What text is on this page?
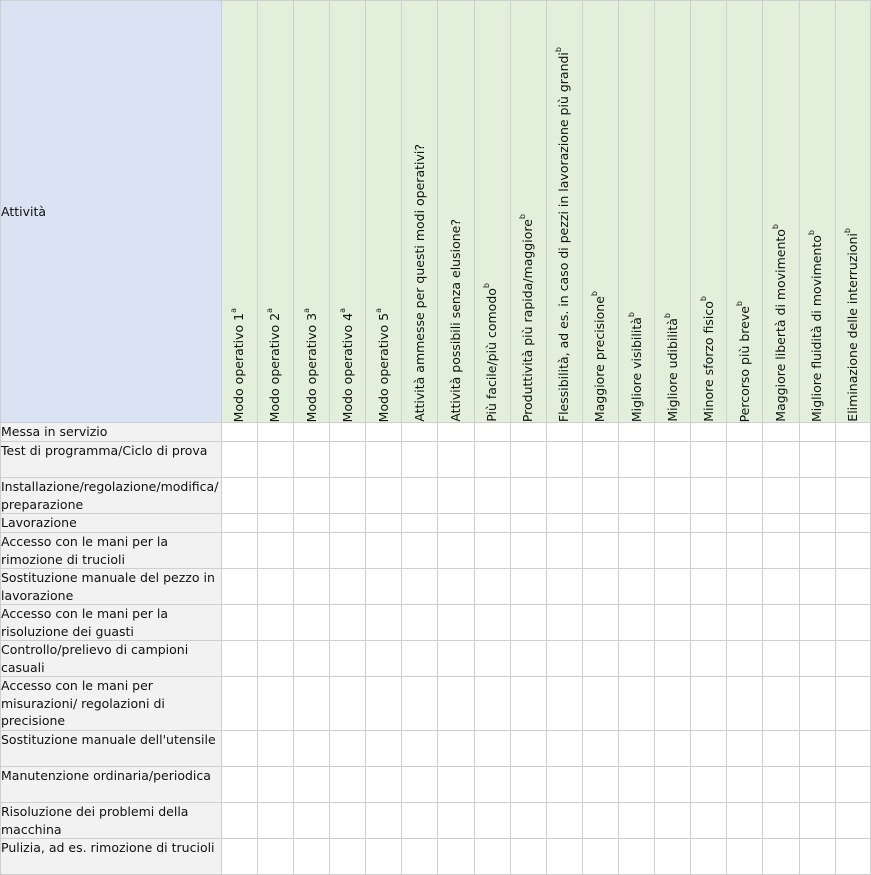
Attività	Modo operativo 1$^a$	Modo operativo 2$^a$	Modo operativo 3$^a$	Modo operativo 4$^a$	Modo operativo 5$^a$	Attività ammesse per questi modi operativi?	Attività possibili senza elusione?	Più facile/più comodo$^b$	Produttività più rapida/maggiore$^b$	Flessibilità, ad es. in caso di pezzi in lavorazione più grandi$^b$	Maggiore precisione$^b$	Migliore visibilità$^b$	Migliore udibilità$^b$	Minore sforzo fisico$^b$	Percorso più breve$^b$	Maggiore libertà di movimento$^b$	Migliore fluidità di movimento$^b$	Eliminazione delle interruzioni$^b$

Messa in servizio																		
Test di programma/Ciclo di prova																		
Installazione/regolazione/modifica/ preparazione																		
Lavorazione																		
Accesso con le mani per la rimozione di trucioli																		
Sostituzione manuale del pezzo in lavorazione																		
Accesso con le mani per la risoluzione dei guasti																		
Controllo/prelievo di campioni casuali																		
Accesso con le mani per misurazioni/ regolazioni di precisione																		
Sostituzione manuale dell'utensile																		
Manutenzione ordinaria/periodica																		
Risoluzione dei problemi della macchina																		
Pulizia, ad es. rimozione di trucioli																		
